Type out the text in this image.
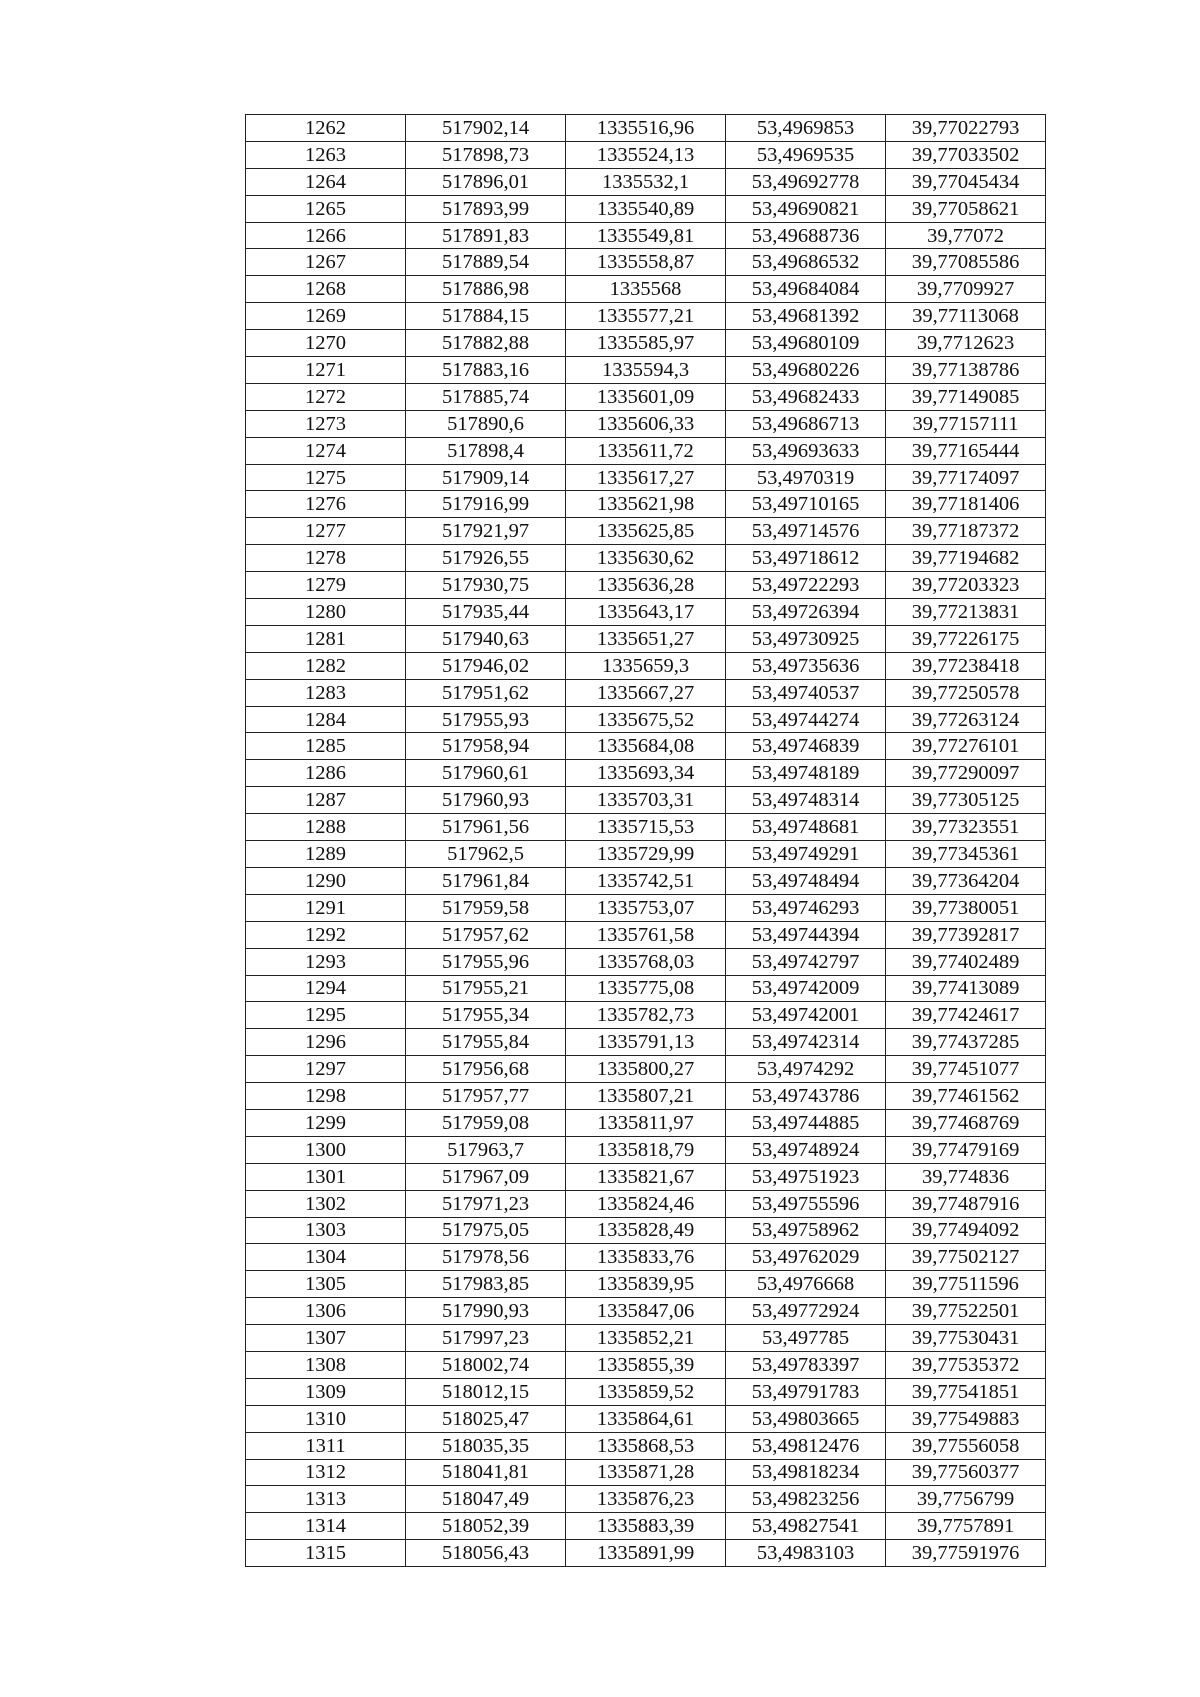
1262	517902,14	1335516,96	53,4969853	39,77022793
1263	517898,73	1335524,13	53,4969535	39,77033502
1264	517896,01	1335532,1	53,49692778	39,77045434
1265	517893,99	1335540,89	53,49690821	39,77058621
1266	517891,83	1335549,81	53,49688736	39,77072
1267	517889,54	1335558,87	53,49686532	39,77085586
1268	517886,98	1335568	53,49684084	39,7709927
1269	517884,15	1335577,21	53,49681392	39,77113068
1270	517882,88	1335585,97	53,49680109	39,7712623
1271	517883,16	1335594,3	53,49680226	39,77138786
1272	517885,74	1335601,09	53,49682433	39,77149085
1273	517890,6	1335606,33	53,49686713	39,77157111
1274	517898,4	1335611,72	53,49693633	39,77165444
1275	517909,14	1335617,27	53,4970319	39,77174097
1276	517916,99	1335621,98	53,49710165	39,77181406
1277	517921,97	1335625,85	53,49714576	39,77187372
1278	517926,55	1335630,62	53,49718612	39,77194682
1279	517930,75	1335636,28	53,49722293	39,77203323
1280	517935,44	1335643,17	53,49726394	39,77213831
1281	517940,63	1335651,27	53,49730925	39,77226175
1282	517946,02	1335659,3	53,49735636	39,77238418
1283	517951,62	1335667,27	53,49740537	39,77250578
1284	517955,93	1335675,52	53,49744274	39,77263124
1285	517958,94	1335684,08	53,49746839	39,77276101
1286	517960,61	1335693,34	53,49748189	39,77290097
1287	517960,93	1335703,31	53,49748314	39,77305125
1288	517961,56	1335715,53	53,49748681	39,77323551
1289	517962,5	1335729,99	53,49749291	39,77345361
1290	517961,84	1335742,51	53,49748494	39,77364204
1291	517959,58	1335753,07	53,49746293	39,77380051
1292	517957,62	1335761,58	53,49744394	39,77392817
1293	517955,96	1335768,03	53,49742797	39,77402489
1294	517955,21	1335775,08	53,49742009	39,77413089
1295	517955,34	1335782,73	53,49742001	39,77424617
1296	517955,84	1335791,13	53,49742314	39,77437285
1297	517956,68	1335800,27	53,4974292	39,77451077
1298	517957,77	1335807,21	53,49743786	39,77461562
1299	517959,08	1335811,97	53,49744885	39,77468769
1300	517963,7	1335818,79	53,49748924	39,77479169
1301	517967,09	1335821,67	53,49751923	39,774836
1302	517971,23	1335824,46	53,49755596	39,77487916
1303	517975,05	1335828,49	53,49758962	39,77494092
1304	517978,56	1335833,76	53,49762029	39,77502127
1305	517983,85	1335839,95	53,4976668	39,77511596
1306	517990,93	1335847,06	53,49772924	39,77522501
1307	517997,23	1335852,21	53,497785	39,77530431
1308	518002,74	1335855,39	53,49783397	39,77535372
1309	518012,15	1335859,52	53,49791783	39,77541851
1310	518025,47	1335864,61	53,49803665	39,77549883
1311	518035,35	1335868,53	53,49812476	39,77556058
1312	518041,81	1335871,28	53,49818234	39,77560377
1313	518047,49	1335876,23	53,49823256	39,7756799
1314	518052,39	1335883,39	53,49827541	39,7757891
1315	518056,43	1335891,99	53,4983103	39,77591976
